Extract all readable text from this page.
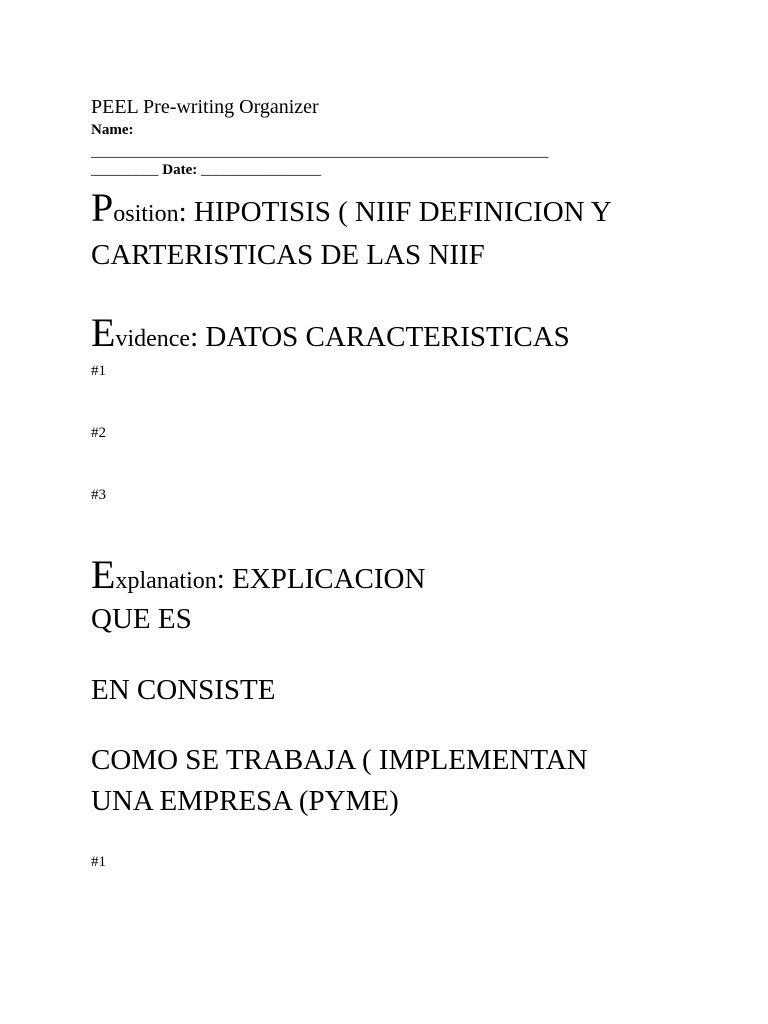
PEEL Pre-writing Organizer
Name:
_____________________________________________________________
_________ Date: ________________
Position: HIPOTISIS ( NIIF DEFINICION Y
CARTERISTICAS DE LAS NIIF
Evidence: DATOS CARACTERISTICAS
#1
#2
#3
Explanation: EXPLICACION
QUE ES
EN CONSISTE
COMO SE TRABAJA ( IMPLEMENTAN
UNA EMPRESA (PYME)
#1
